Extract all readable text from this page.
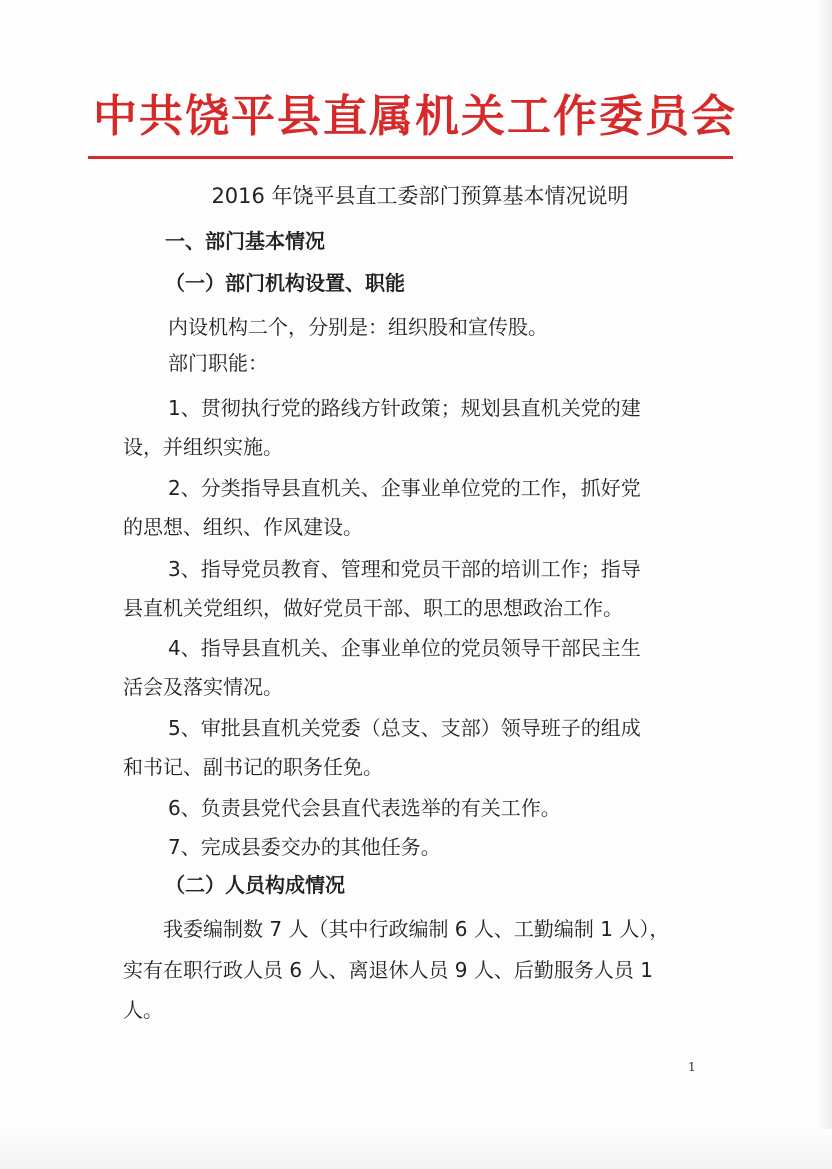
中共饶平县直属机关工作委员会
2016 年饶平县直工委部门预算基本情况说明
一、部门基本情况
（一）部门机构设置、职能
内设机构二个，分别是：组织股和宣传股。
部门职能：
1、贯彻执行党的路线方针政策；规划县直机关党的建
设，并组织实施。
2、分类指导县直机关、企事业单位党的工作，抓好党
的思想、组织、作风建设。
3、指导党员教育、管理和党员干部的培训工作；指导
县直机关党组织，做好党员干部、职工的思想政治工作。
4、指导县直机关、企事业单位的党员领导干部民主生
活会及落实情况。
5、审批县直机关党委（总支、支部）领导班子的组成
和书记、副书记的职务任免。
6、负责县党代会县直代表选举的有关工作。
7、完成县委交办的其他任务。
（二）人员构成情况
我委编制数 7 人（其中行政编制 6 人、工勤编制 1 人），
实有在职行政人员 6 人、离退休人员 9 人、后勤服务人员 1
人。
1
